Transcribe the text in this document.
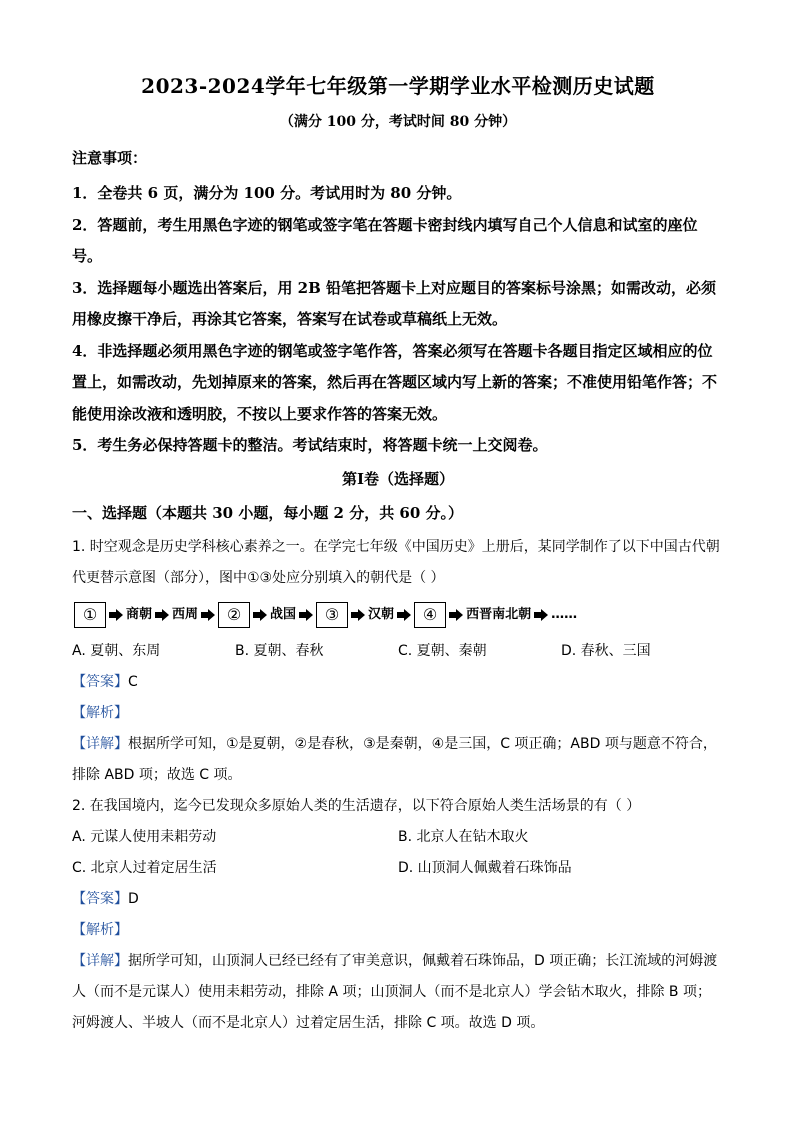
2023-2024学年七年级第一学期学业水平检测历史试题
（满分 100 分，考试时间 80 分钟）
注意事项：

1．全卷共 6 页，满分为 100 分。考试用时为 80 分钟。

2．答题前，考生用黑色字迹的钢笔或签字笔在答题卡密封线内填写自己个人信息和试室的座位号。

3．选择题每小题选出答案后，用 2B 铅笔把答题卡上对应题目的答案标号涂黑；如需改动，必须用橡皮擦干净后，再涂其它答案，答案写在试卷或草稿纸上无效。

4．非选择题必须用黑色字迹的钢笔或签字笔作答，答案必须写在答题卡各题目指定区域相应的位置上，如需改动，先划掉原来的答案，然后再在答题区域内写上新的答案；不准使用铅笔作答；不能使用涂改液和透明胶，不按以上要求作答的答案无效。

5．考生务必保持答题卡的整洁。考试结束时，将答题卡统一上交阅卷。

第Ⅰ卷（选择题）
一、选择题（本题共 30 小题，每小题 2 分，共 60 分。）

1. 时空观念是历史学科核心素养之一。在学完七年级《中国历史》上册后，某同学制作了以下中国古代朝代更替示意图（部分），图中①③处应分别填入的朝代是（ ）

①	商朝 西周	②	战国	③	汉朝	④	西晋南北朝 ……
A. 夏朝、东周	B. 夏朝、春秋	C. 夏朝、秦朝	D. 春秋、三国

【答案】C

【解析】

【详解】根据所学可知，①是夏朝，②是春秋，③是秦朝，④是三国，C 项正确；ABD 项与题意不符合，排除 ABD 项；故选 C 项。

2. 在我国境内，迄今已发现众多原始人类的生活遗存，以下符合原始人类生活场景的有（ ）

A. 元谋人使用耒耜劳动	B. 北京人在钻木取火
C. 北京人过着定居生活	D. 山顶洞人佩戴着石珠饰品

【答案】D

【解析】

【详解】据所学可知，山顶洞人已经已经有了审美意识，佩戴着石珠饰品，D 项正确；长江流域的河姆渡人（而不是元谋人）使用耒耜劳动，排除 A 项；山顶洞人（而不是北京人）学会钻木取火，排除 B 项；河姆渡人、半坡人（而不是北京人）过着定居生活，排除 C 项。故选 D 项。
